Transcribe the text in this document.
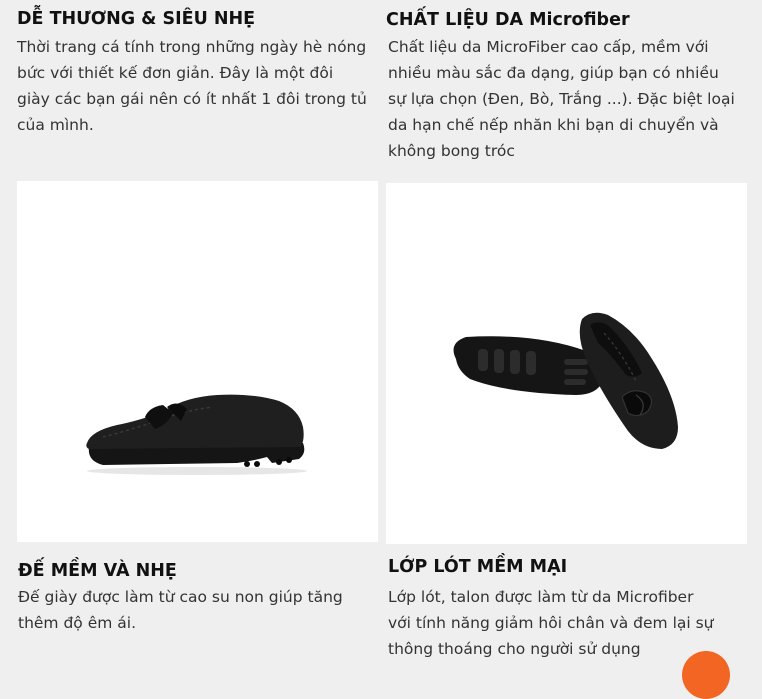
DỄ THƯƠNG & SIÊU NHẸ

Thời trang cá tính trong những ngày hè nóng bức với thiết kế đơn giản. Đây là một đôi giày các bạn gái nên có ít nhất 1 đôi trong tủ của mình.

CHẤT LIỆU DA Microfiber

Chất liệu da MicroFiber cao cấp, mềm với nhiều màu sắc đa dạng, giúp bạn có nhiều sự lựa chọn (Đen, Bò, Trắng ...). Đặc biệt loại da hạn chế nếp nhăn khi bạn di chuyển và không bong tróc

ĐẾ MỀM VÀ NHẸ

Đế giày được làm từ cao su non giúp tăng thêm độ êm ái.

LỚP LÓT MỀM MẠI

Lớp lót, talon được làm từ da Microfiber với tính năng giảm hôi chân và đem lại sự thông thoáng cho người sử dụng
